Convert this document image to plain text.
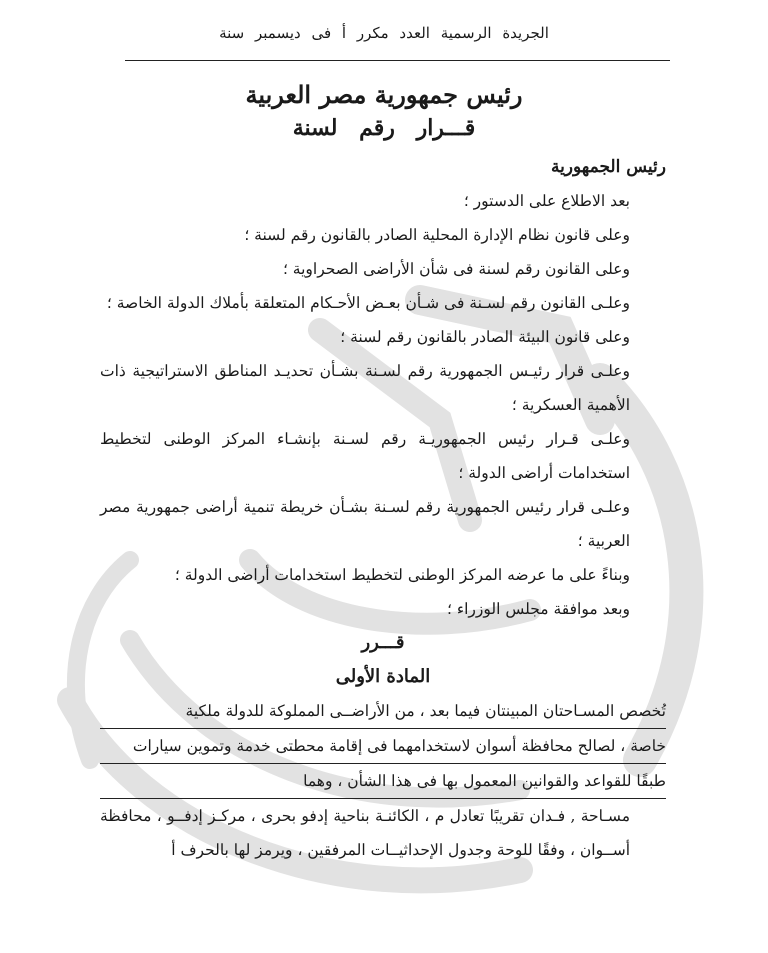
الجريدة الرسمية العدد مكرر أ فى ديسمبر سنة
رئيس جمهورية مصر العربية
قـــرار رقم لسنة

رئيس الجمهورية

بعد الاطلاع على الدستور ؛

وعلى قانون نظام الإدارة المحلية الصادر بالقانون رقم لسنة ؛

وعلى القانون رقم لسنة فى شأن الأراضى الصحراوية ؛

وعلـى القانون رقم لسـنة فى شـأن بعـض الأحـكام المتعلقة بأملاك الدولة الخاصة ؛

وعلى قانون البيئة الصادر بالقانون رقم لسنة ؛

وعلـى قرار رئيـس الجمهورية رقم لسـنة بشـأن تحديـد المناطق الاستراتيجية ذات الأهمية العسكرية ؛

وعلـى قـرار رئيس الجمهوريـة رقم لسـنة بإنشـاء المركز الوطنى لتخطيط استخدامات أراضى الدولة ؛

وعلـى قرار رئيس الجمهورية رقم لسـنة بشـأن خريطة تنمية أراضى جمهورية مصر العربية ؛

وبناءً على ما عرضه المركز الوطنى لتخطيط استخدامات أراضى الدولة ؛

وبعد موافقة مجلس الوزراء ؛

قـــرر

المادة الأولى

تُخصص المسـاحتان المبينتان فيما بعد ، من الأراضــى المملوكة للدولة ملكية

خاصة ، لصالح محافظة أسوان لاستخدامهما فى إقامة محطتى خدمة وتموين سيارات

طبقًا للقواعد والقوانين المعمول بها فى هذا الشأن ، وهما

مسـاحة , فـدان تقريبًا تعادل م ، الكائنـة بناحية إدفو بحرى ، مركـز إدفــو ، محافظة أســوان ، وفقًا للوحة وجدول الإحداثيــات المرفقين ، ويرمز لها بالحرف أ
